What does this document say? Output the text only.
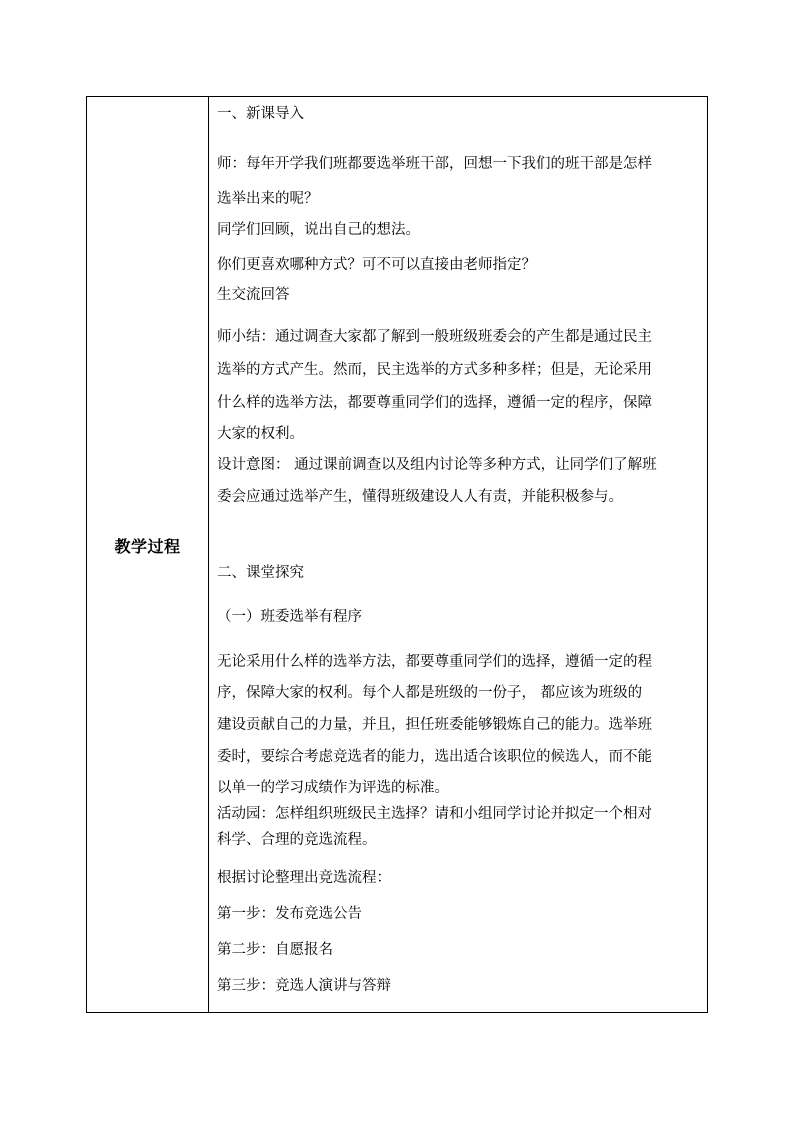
教学过程
一、新课导入
师：每年开学我们班都要选举班干部，回想一下我们的班干部是怎样
选举出来的呢？
同学们回顾，说出自己的想法。
你们更喜欢哪种方式？可不可以直接由老师指定？
生交流回答
师小结：通过调查大家都了解到一般班级班委会的产生都是通过民主
选举的方式产生。然而，民主选举的方式多种多样；但是，无论采用
什么样的选举方法，都要尊重同学们的选择，遵循一定的程序，保障
大家的权利。
设计意图： 通过课前调查以及组内讨论等多种方式，让同学们了解班
委会应通过选举产生，懂得班级建设人人有责，并能积极参与。
二、课堂探究
（一）班委选举有程序
无论采用什么样的选举方法，都要尊重同学们的选择，遵循一定的程
序，保障大家的权利。每个人都是班级的一份子， 都应该为班级的
建设贡献自己的力量，并且，担任班委能够锻炼自己的能力。选举班
委时，要综合考虑竞选者的能力，选出适合该职位的候选人，而不能
以单一的学习成绩作为评选的标准。
活动园：怎样组织班级民主选择？请和小组同学讨论并拟定一个相对
科学、合理的竞选流程。
根据讨论整理出竞选流程：
第一步：发布竞选公告
第二步：自愿报名
第三步：竞选人演讲与答辩
